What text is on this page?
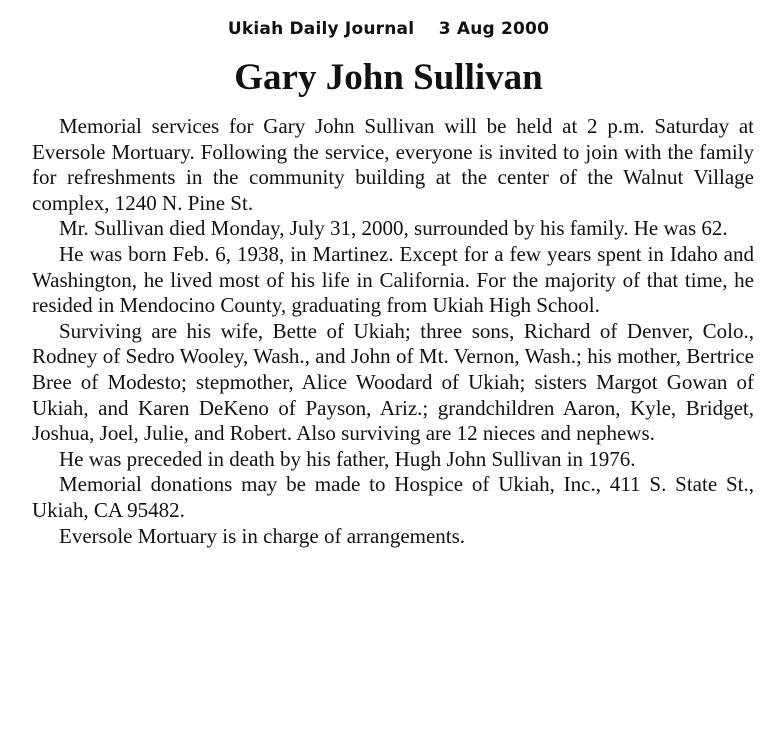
Ukiah Daily Journal 3 Aug 2000
Gary John Sullivan

Memorial services for Gary John Sullivan will be held at 2 p.m. Saturday at Eversole Mortuary. Following the service, everyone is invited to join with the family for refreshments in the community building at the center of the Walnut Village complex, 1240 N. Pine St.

Mr. Sullivan died Monday, July 31, 2000, surrounded by his family. He was 62.

He was born Feb. 6, 1938, in Martinez. Except for a few years spent in Idaho and Washington, he lived most of his life in California. For the majority of that time, he resided in Mendocino County, graduating from Ukiah High School.

Surviving are his wife, Bette of Ukiah; three sons, Richard of Denver, Colo., Rodney of Sedro Wooley, Wash., and John of Mt. Vernon, Wash.; his mother, Bertrice Bree of Modesto; stepmother, Alice Woodard of Ukiah; sisters Margot Gowan of Ukiah, and Karen DeKeno of Payson, Ariz.; grandchildren Aaron, Kyle, Bridget, Joshua, Joel, Julie, and Robert. Also surviving are 12 nieces and nephews.

He was preceded in death by his father, Hugh John Sullivan in 1976.

Memorial donations may be made to Hospice of Ukiah, Inc., 411 S. State St., Ukiah, CA 95482.

Eversole Mortuary is in charge of arrangements.
